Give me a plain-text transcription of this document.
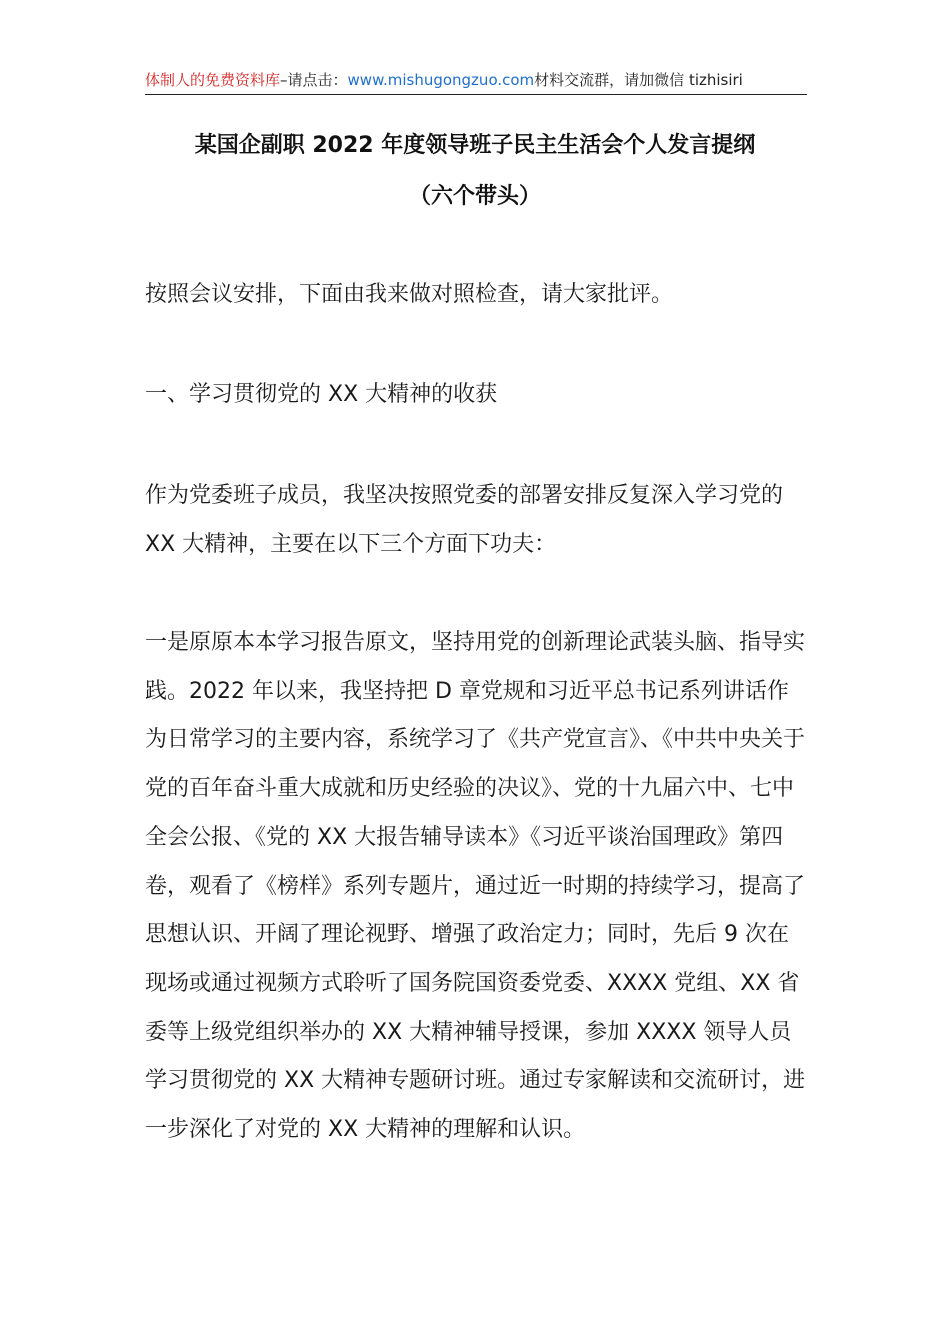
体制人的免费资料库–请点击：www.mishugongzuo.com材料交流群，请加微信 tizhisiri
某国企副职 2022 年度领导班子民主生活会个人发言提纲
（六个带头）

按照会议安排，下面由我来做对照检查，请大家批评。

一、学习贯彻党的 XX 大精神的收获

作为党委班子成员，我坚决按照党委的部署安排反复深入学习党的 XX 大精神，主要在以下三个方面下功夫：

一是原原本本学习报告原文，坚持用党的创新理论武装头脑、指导实践。2022 年以来，我坚持把 D 章党规和习近平总书记系列讲话作为日常学习的主要内容，系统学习了《共产党宣言》、《中共中央关于党的百年奋斗重大成就和历史经验的决议》、党的十九届六中、七中全会公报、《党的 XX 大报告辅导读本》《习近平谈治国理政》第四卷，观看了《榜样》系列专题片，通过近一时期的持续学习，提高了思想认识、开阔了理论视野、增强了政治定力；同时，先后 9 次在现场或通过视频方式聆听了国务院国资委党委、XXXX 党组、XX 省委等上级党组织举办的 XX 大精神辅导授课，参加 XXXX 领导人员学习贯彻党的 XX 大精神专题研讨班。通过专家解读和交流研讨，进一步深化了对党的 XX 大精神的理解和认识。
